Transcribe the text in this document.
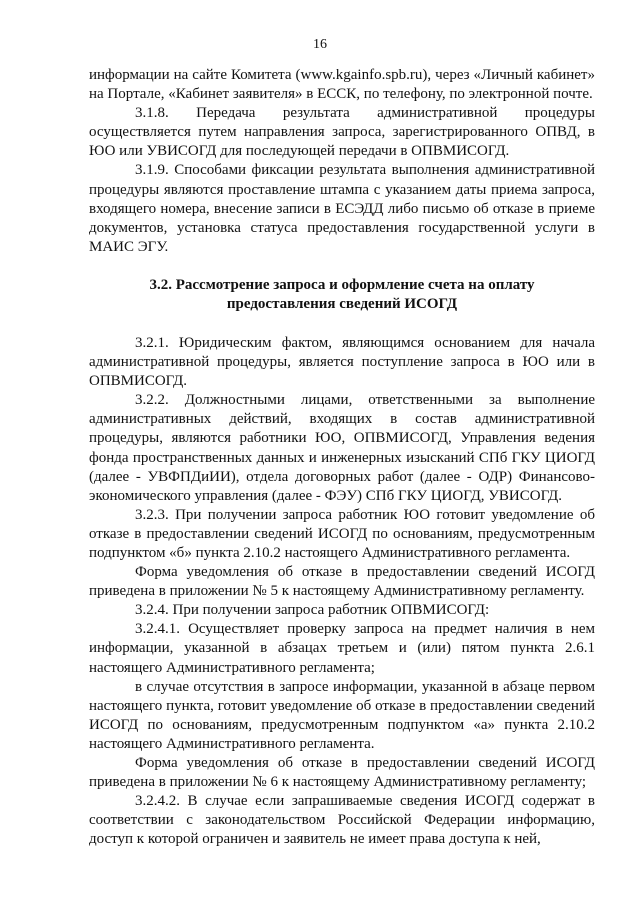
16

информации на сайте Комитета (www.kgainfo.spb.ru), через «Личный кабинет» на Портале, «Кабинет заявителя» в ЕССК, по телефону, по электронной почте.

3.1.8. Передача результата административной процедуры осуществляется путем направления запроса, зарегистрированного ОПВД, в ЮО или УВИСОГД для последующей передачи в ОПВМИСОГД.

3.1.9. Способами фиксации результата выполнения административной процедуры являются проставление штампа с указанием даты приема запроса, входящего номера, внесение записи в ЕСЭДД либо письмо об отказе в приеме документов, установка статуса предоставления государственной услуги в МАИС ЭГУ.

3.2. Рассмотрение запроса и оформление счета на оплату
предоставления сведений ИСОГД

3.2.1. Юридическим фактом, являющимся основанием для начала административной процедуры, является поступление запроса в ЮО или в ОПВМИСОГД.

3.2.2. Должностными лицами, ответственными за выполнение административных действий, входящих в состав административной процедуры, являются работники ЮО, ОПВМИСОГД, Управления ведения фонда пространственных данных и инженерных изысканий СПб ГКУ ЦИОГД (далее - УВФПДиИИ), отдела договорных работ (далее - ОДР) Финансово-экономического управления (далее - ФЭУ) СПб ГКУ ЦИОГД, УВИСОГД.

3.2.3. При получении запроса работник ЮО готовит уведомление об отказе в предоставлении сведений ИСОГД по основаниям, предусмотренным подпунктом «б» пункта 2.10.2 настоящего Административного регламента.

Форма уведомления об отказе в предоставлении сведений ИСОГД приведена в приложении № 5 к настоящему Административному регламенту.

3.2.4. При получении запроса работник ОПВМИСОГД:

3.2.4.1. Осуществляет проверку запроса на предмет наличия в нем информации, указанной в абзацах третьем и (или) пятом пункта 2.6.1 настоящего Административного регламента;

в случае отсутствия в запросе информации, указанной в абзаце первом настоящего пункта, готовит уведомление об отказе в предоставлении сведений ИСОГД по основаниям, предусмотренным подпунктом «а» пункта 2.10.2 настоящего Административного регламента.

Форма уведомления об отказе в предоставлении сведений ИСОГД приведена в приложении № 6 к настоящему Административному регламенту;

3.2.4.2. В случае если запрашиваемые сведения ИСОГД содержат в соответствии с законодательством Российской Федерации информацию, доступ к которой ограничен и заявитель не имеет права доступа к ней,
